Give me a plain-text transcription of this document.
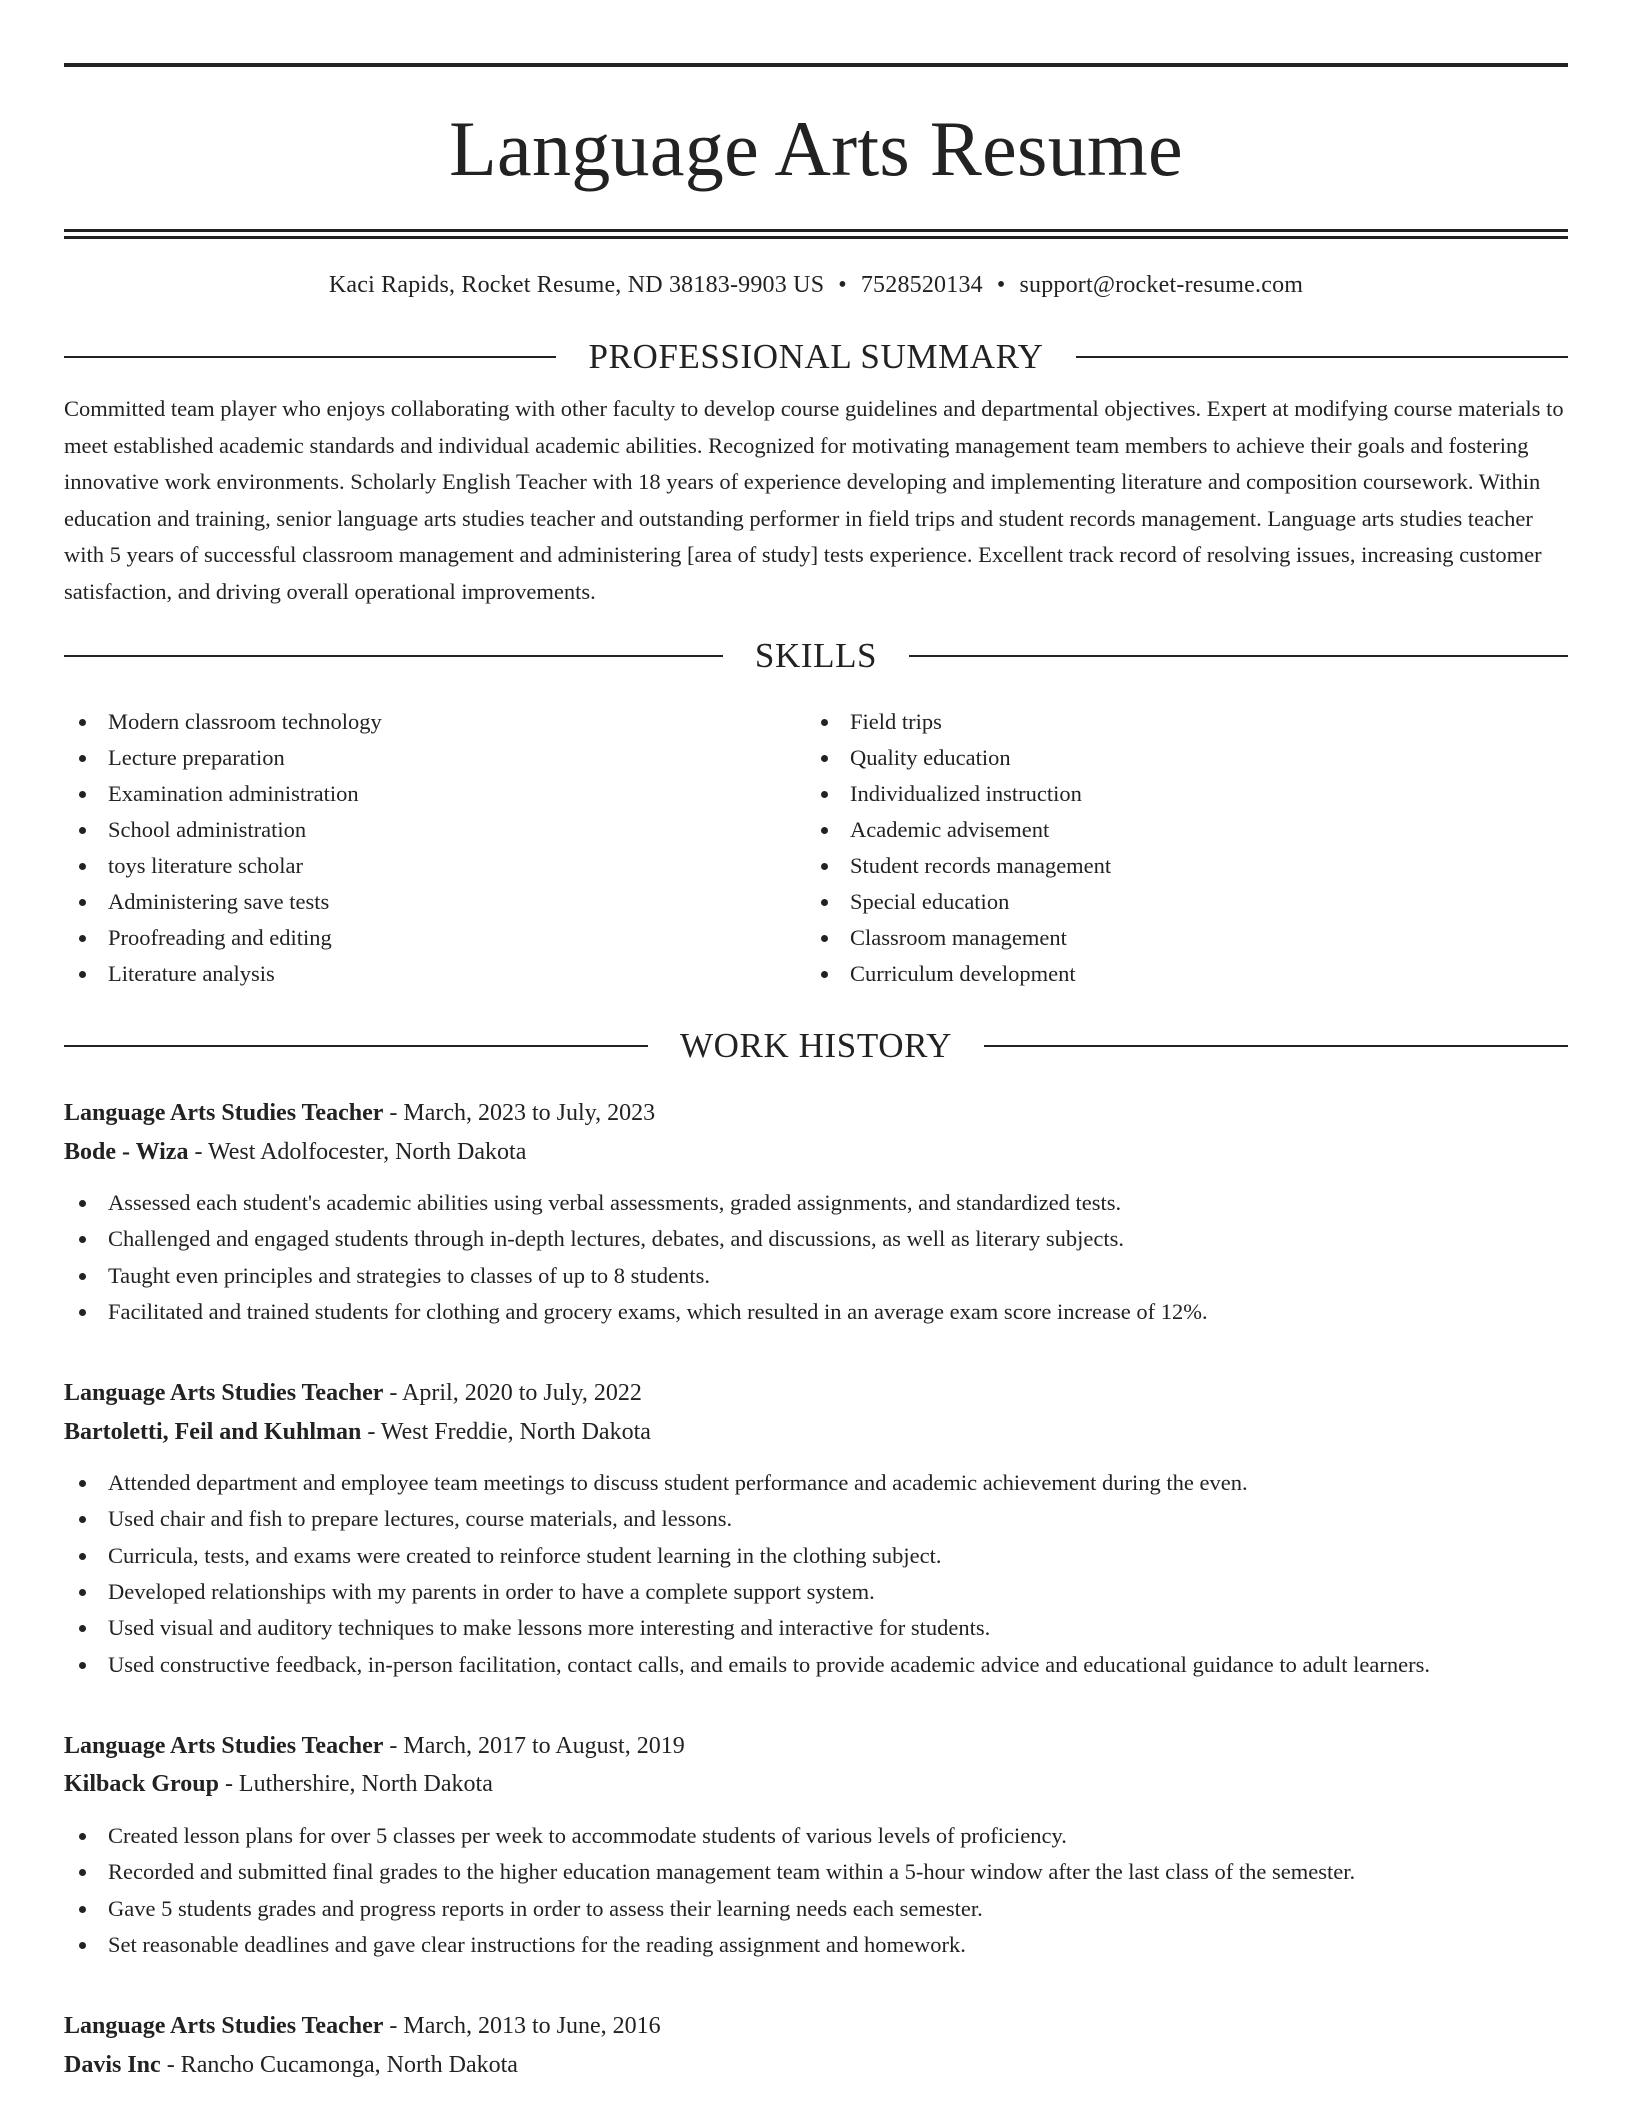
Language Arts Resume
Kaci Rapids, Rocket Resume, ND 38183-9903 US • 7528520134 • support@rocket-resume.com
PROFESSIONAL SUMMARY

Committed team player who enjoys collaborating with other faculty to develop course guidelines and departmental objectives. Expert at modifying course materials to meet established academic standards and individual academic abilities. Recognized for motivating management team members to achieve their goals and fostering innovative work environments. Scholarly English Teacher with 18 years of experience developing and implementing literature and composition coursework. Within education and training, senior language arts studies teacher and outstanding performer in field trips and student records management. Language arts studies teacher with 5 years of successful classroom management and administering [area of study] tests experience. Excellent track record of resolving issues, increasing customer satisfaction, and driving overall operational improvements.

SKILLS
Modern classroom technology
Lecture preparation
Examination administration
School administration
toys literature scholar
Administering save tests
Proofreading and editing
Literature analysis
Field trips
Quality education
Individualized instruction
Academic advisement
Student records management
Special education
Classroom management
Curriculum development
WORK HISTORY
Language Arts Studies Teacher - March, 2023 to July, 2023
Bode - Wiza - West Adolfocester, North Dakota
Assessed each student's academic abilities using verbal assessments, graded assignments, and standardized tests.
Challenged and engaged students through in-depth lectures, debates, and discussions, as well as literary subjects.
Taught even principles and strategies to classes of up to 8 students.
Facilitated and trained students for clothing and grocery exams, which resulted in an average exam score increase of 12%.
Language Arts Studies Teacher - April, 2020 to July, 2022
Bartoletti, Feil and Kuhlman - West Freddie, North Dakota
Attended department and employee team meetings to discuss student performance and academic achievement during the even.
Used chair and fish to prepare lectures, course materials, and lessons.
Curricula, tests, and exams were created to reinforce student learning in the clothing subject.
Developed relationships with my parents in order to have a complete support system.
Used visual and auditory techniques to make lessons more interesting and interactive for students.
Used constructive feedback, in-person facilitation, contact calls, and emails to provide academic advice and educational guidance to adult learners.
Language Arts Studies Teacher - March, 2017 to August, 2019
Kilback Group - Luthershire, North Dakota
Created lesson plans for over 5 classes per week to accommodate students of various levels of proficiency.
Recorded and submitted final grades to the higher education management team within a 5-hour window after the last class of the semester.
Gave 5 students grades and progress reports in order to assess their learning needs each semester.
Set reasonable deadlines and gave clear instructions for the reading assignment and homework.
Language Arts Studies Teacher - March, 2013 to June, 2016
Davis Inc - Rancho Cucamonga, North Dakota
